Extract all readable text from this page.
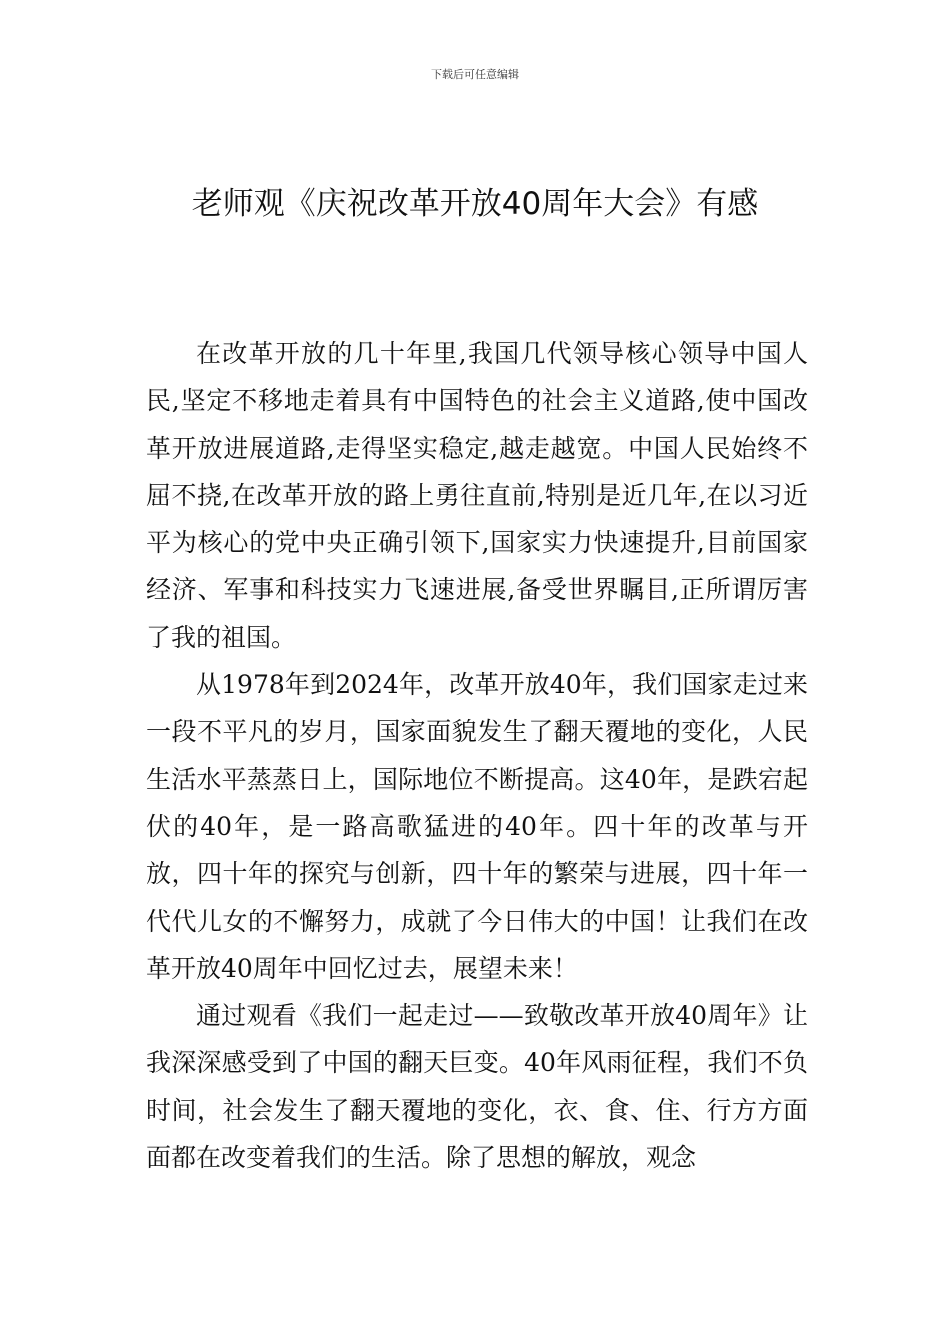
下载后可任意编辑
老师观《庆祝改革开放40周年大会》有感

在改革开放的几十年里,我国几代领导核心领导中国人民,坚定不移地走着具有中国特色的社会主义道路,使中国改革开放进展道路,走得坚实稳定,越走越宽。中国人民始终不屈不挠,在改革开放的路上勇往直前,特别是近几年,在以习近平为核心的党中央正确引领下,国家实力快速提升,目前国家经济、军事和科技实力飞速进展,备受世界瞩目,正所谓厉害了我的祖国。

从1978年到2024年，改革开放40年，我们国家走过来一段不平凡的岁月，国家面貌发生了翻天覆地的变化，人民生活水平蒸蒸日上，国际地位不断提高。这40年，是跌宕起伏的40年，是一路高歌猛进的40年。四十年的改革与开放，四十年的探究与创新，四十年的繁荣与进展，四十年一代代儿女的不懈努力，成就了今日伟大的中国！让我们在改革开放40周年中回忆过去，展望未来！

通过观看《我们一起走过——致敬改革开放40周年》让我深深感受到了中国的翻天巨变。40年风雨征程，我们不负时间，社会发生了翻天覆地的变化，衣、食、住、行方方面面都在改变着我们的生活。除了思想的解放，观念
